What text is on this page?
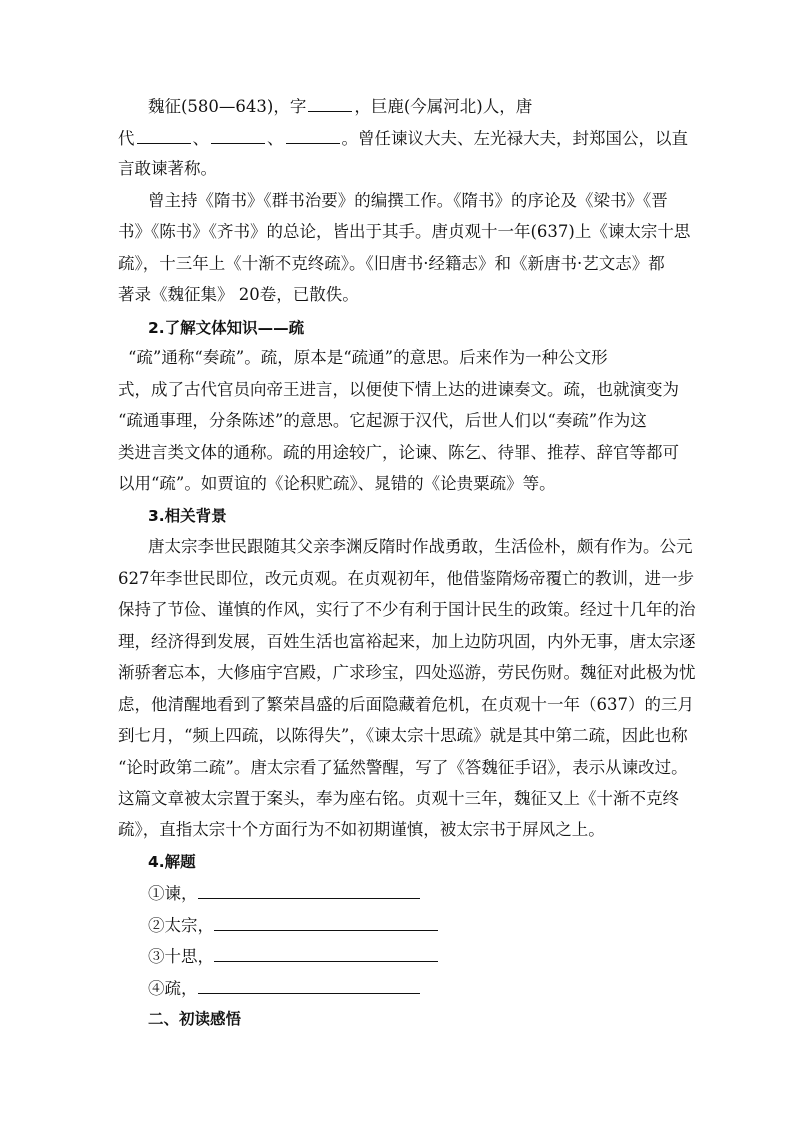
魏征(580—643)，字	，巨鹿(今属河北)人，唐
代	、	、	。曾任谏议大夫、左光禄大夫，封郑国公，以直
言敢谏著称。
曾主持《隋书》《群书治要》的编撰工作。《隋书》的序论及《梁书》《晋
书》《陈书》《齐书》的总论，皆出于其手。唐贞观十一年(637)上《谏太宗十思
疏》，十三年上《十渐不克终疏》。《旧唐书·经籍志》和《新唐书·艺文志》都
著录《魏征集》 20卷，已散佚。
2.了解文体知识——疏
“疏”通称“奏疏”。疏，原本是“疏通”的意思。后来作为一种公文形
式，成了古代官员向帝王进言，以便使下情上达的进谏奏文。疏，也就演变为
“疏通事理，分条陈述”的意思。它起源于汉代，后世人们以“奏疏”作为这
类进言类文体的通称。疏的用途较广，论谏、陈乞、待罪、推荐、辞官等都可
以用“疏”。如贾谊的《论积贮疏》、晁错的《论贵粟疏》等。
3.相关背景
唐太宗李世民跟随其父亲李渊反隋时作战勇敢，生活俭朴，颇有作为。公元
627年李世民即位，改元贞观。在贞观初年，他借鉴隋炀帝覆亡的教训，进一步
保持了节俭、谨慎的作风，实行了不少有利于国计民生的政策。经过十几年的治
理，经济得到发展，百姓生活也富裕起来，加上边防巩固，内外无事，唐太宗逐
渐骄奢忘本，大修庙宇宫殿，广求珍宝，四处巡游，劳民伤财。魏征对此极为忧
虑，他清醒地看到了繁荣昌盛的后面隐藏着危机，在贞观十一年（637）的三月
到七月，“频上四疏，以陈得失”，《谏太宗十思疏》就是其中第二疏，因此也称
“论时政第二疏”。唐太宗看了猛然警醒，写了《答魏征手诏》，表示从谏改过。
这篇文章被太宗置于案头，奉为座右铭。贞观十三年，魏征又上《十渐不克终
疏》，直指太宗十个方面行为不如初期谨慎，被太宗书于屏风之上。
4.解题
①谏，
②太宗，
③十思，
④疏，
二、初读感悟
